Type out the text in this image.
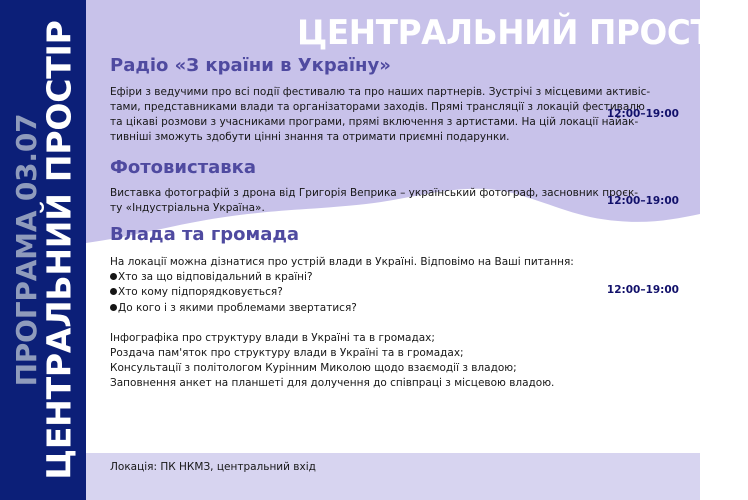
ПРОГРАМА 03.07
ЦЕНТРАЛЬНИЙ ПРОСТІР	ЦЕНТРАЛЬНИЙ ПРОСТІР
Радіо «З країни в Україну»
Ефіри з ведучими про всі події фестивалю та про наших партнерів. Зустрічі з місцевими активіс-
тами, представниками влади та організаторами заходів. Прямі трансляції з локацій фестивалю
та цікаві розмови з учасниками програми, прямі включення з артистами. На цій локації найак-
тивніші зможуть здобути цінні знання та отримати приємні подарунки.
12:00–19:00
Фотовиставка
Виставка фотографій з дрона від Григорія Веприка – український фотограф, засновник проєк-
ту «Індустріальна Україна».
12:00–19:00
Влада та громада
На локації можна дізнатися про устрій влади в Україні. Відповімо на Ваші питання:
Хто за що відповідальний в країні?
Хто кому підпорядковується?
До кого і з якими проблемами звертатися?
Інфографіка про структуру влади в Україні та в громадах;
Роздача пам'яток про структуру влади в Україні та в громадах;
Консультації з політологом Курінним Миколою щодо взаємодії з владою;
Заповнення анкет на планшеті для долучення до співпраці з місцевою владою.
12:00–19:00
Локація: ПК НКМЗ, центральний вхід
